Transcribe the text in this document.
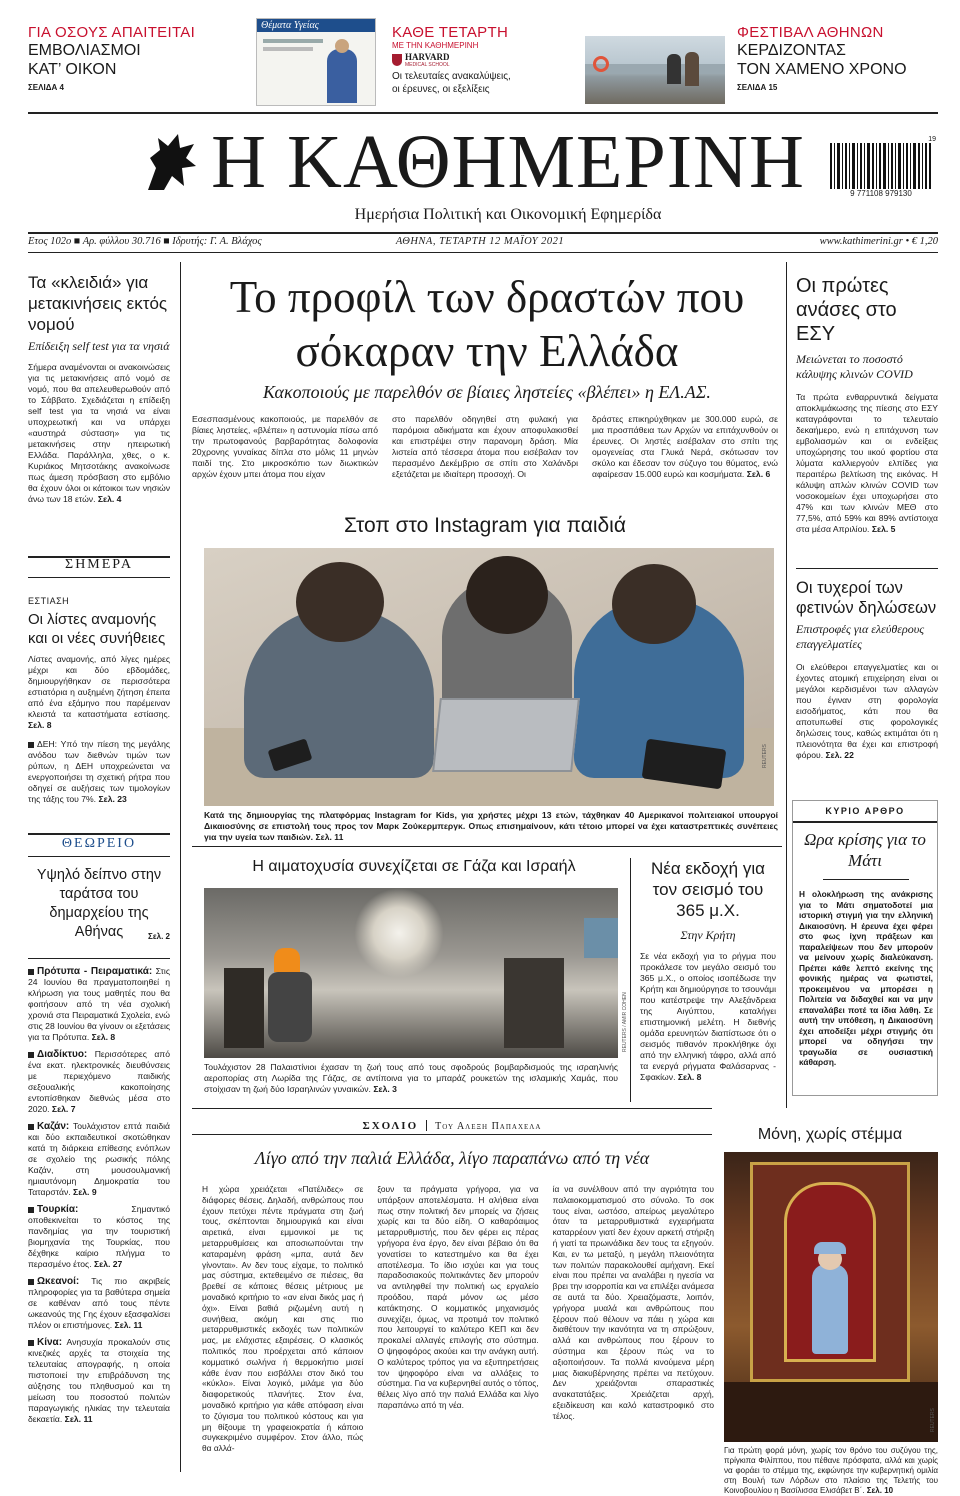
ΓΙΑ ΟΣΟΥΣ ΑΠΑΙΤΕΙΤΑΙ
ΕΜΒΟΛΙΑΣΜΟΙ
ΚΑΤ’ ΟΙΚΟΝ
ΣΕΛΙΔΑ 4
Θέματα Υγείας	ΚΑΘΕ ΤΕΤΑΡΤΗ
ΜΕ ΤΗΝ ΚΑΘΗΜΕΡΙΝΗ
HARVARD
MEDICAL SCHOOL
Οι τελευταίες ανακαλύψεις,
οι έρευνες, οι εξελίξεις
ΦΕΣΤΙΒΑΛ ΑΘΗΝΩΝ
ΚΕΡΔΙΖΟΝΤΑΣ
ΤΟΝ ΧΑΜΕΝΟ ΧΡΟΝΟ
ΣΕΛΙΔΑ 15
Η ΚΑΘΗΜΕΡΙΝΗ
Ημερήσια Πολιτική και Οικονομική Εφημερίδα
19
9 771108 979130
Eτος 102ο ■ Αρ. φύλλου 30.716 ■ Ιδρυτής: Γ. Α. Βλάχος	ΑΘΗΝΑ, ΤΕΤΑΡΤΗ 12 ΜΑΪΟΥ 2021	www.kathimerini.gr • € 1,20
Τα «κλειδιά» για μετακινήσεις εκτός νομού
Επίδειξη self test για τα νησιά
Σήμερα αναμένονται οι ανακοινώσεις για τις μετακινήσεις από νομό σε νομό, που θα απελευθερωθούν από το Σάββατο. Σχεδιάζεται η επίδειξη self test για τα νησιά να είναι υποχρεωτική και να υπάρχει «αυστηρά σύσταση» για τις μετακινήσεις στην ηπειρωτική Ελλάδα. Παράλληλα, χθες, ο κ. Κυριάκος Μητσοτάκης ανακοίνωσε πως άμεση πρόσβαση στο εμβόλιο θα έχουν όλοι οι κάτοικοι των νησιών άνω των 18 ετών. Σελ. 4
ΣΗΜΕΡΑ
ΕΣΤΙΑΣΗ
Οι λίστες αναμονής και οι νέες συνήθειες
Λίστες αναμονής, από λίγες ημέρες μέχρι και δύο εβδομάδες, δημιουργήθηκαν σε περισσότερα εστιατόρια η αυξημένη ζήτηση έπειτα από ένα εξάμηνο που παρέμειναν κλειστά τα καταστήματα εστίασης. Σελ. 8
ΔΕΗ: Υπό την πίεση της μεγάλης ανόδου των διεθνών τιμών των ρύπων, η ΔΕΗ υποχρεώνεται να ενεργοποιήσει τη σχετική ρήτρα που οδηγεί σε αυξήσεις των τιμολογίων της τάξης του 7%. Σελ. 23
ΘΕΩΡΕΙΟ
Υψηλό δείπνο στην ταράτσα του δημαρχείου της Αθήνας	Σελ. 2
Πρότυπα - Πειραματικά: Στις 24 Ιουνίου θα πραγματοποιηθεί η κλήρωση για τους μαθητές που θα φοιτήσουν από τη νέα σχολική χρονιά στα Πειραματικά Σχολεία, ενώ στις 28 Ιουνίου θα γίνουν οι εξετάσεις για τα Πρότυπα. Σελ. 8
Διαδίκτυο: Περισσότερες από ένα εκατ. ηλεκτρονικές διευθύνσεις με περιεχόμενο παιδικής σεξουαλικής κακοποίησης εντοπίσθηκαν διεθνώς μέσα στο 2020. Σελ. 7
Καζάν: Τουλάχιστον επτά παιδιά και δύο εκπαιδευτικοί σκοτώθηκαν κατά τη διάρκεια επίθεσης ενόπλων σε σχολείο της ρωσικής πόλης Καζάν, στη μουσουλμανική ημιαυτόνομη Δημοκρατία του Ταταρστάν. Σελ. 9
Τουρκία:	Σημαντικό οποθεκινείται το κόστος της πανδημίας για την τουριστική βιομηχανία της Τουρκίας, που δέχθηκε καίριο πλήγμα το περασμένο έτος. Σελ. 27
Ωκεανοί: Τις πιο ακριβείς πληροφορίες για τα βαθύτερα σημεία σε καθέναν από τους πέντε ωκεανούς της Γης έχουν εξασφαλίσει πλέον οι επιστήμονες. Σελ. 11
Κίνα: Ανησυχία προκαλούν στις κινεζικές αρχές τα στοιχεία της τελευταίας απογραφής, η οποία πιστοποιεί την επιβράδυνση της αύξησης του πληθυσμού και τη μείωση του ποσοστού πολιτών παραγωγικής ηλικίας την τελευταία δεκαετία. Σελ. 11
Το προφίλ των δραστών που σόκαραν την Ελλάδα
Κακοποιούς με παρελθόν σε βίαιες ληστείες «βλέπει» η ΕΛ.ΑΣ.
Εσεσπασμένους κακοποιούς, με παρελθόν σε βίαιες ληστείες, «βλέπει» η αστυνομία πίσω από την πρωτοφανούς βαρβαρότητας δολοφονία 20χρονης γυναίκας δίπλα στο μόλις 11 μηνών παιδί της. Στο μικροσκόπιο των διωκτικών αρχών έχουν μπει άτομα που είχαν
στο παρελθόν οδηγηθεί στη φυλακή για παρόμοια αδικήματα και έχουν αποφυλακισθεί και επιστρέψει στην παρανομη δράση. Μία λιστεία από τέσσερα άτομα που εισέβαλαν τον περασμένο Δεκέμβριο σε σπίτι στο Χαλάνδρι εξετάζεται με ιδιαίτερη προσοχή. Οι
δράστες επικηρύχθηκαν με 300.000 ευρώ, σε μια προσπάθεια των Αρχών να επιτάχυνθούν οι έρευνες. Οι ληστές εισέβαλαν στο σπίτι της ομογενείας στα Γλυκά Νερά, σκότωσαν τον σκύλο και έδεσαν τον σύζυγο του θύματος, ενώ αφαίρεσαν 15.000 ευρώ και κοσμήματα. Σελ. 6
Στοπ στο Instagram για παιδιά
REUTERS
Κατά της δημιουργίας της πλατφόρμας Instagram for Kids, για χρήστες μέχρι 13 ετών, τάχθηκαν 40 Αμερικανοί πολιτειακοί υπουργοί Δικαιοσύνης σε επιστολή τους προς τον Μαρκ Ζούκερμπεργκ. Οπως επισημαίνουν, κάτι τέτοιο μπορεί να έχει καταστρεπτικές συνέπειες για την υγεία των παιδιών. Σελ. 11
Η αιματοχυσία συνεχίζεται σε Γάζα και Ισραήλ
REUTERS / AMIR COHEN
Τουλάχιστον 28 Παλαιστίνιοι έχασαν τη ζωή τους από τους σφοδρούς βομβαρδισμούς της ισραηλινής αεροπορίας στη Λωρίδα της Γάζας, σε αντίποινα για το μπαράζ ρουκετών της ισλαμικής Χαμάς, που στοίχισαν τη ζωή δύο Ισραηλινών γυναικών. Σελ. 3
Νέα εκδοχή για τον σεισμό του 365 μ.Χ.
Στην Κρήτη
Σε νέα εκδοχή για το ρήγμα που προκάλεσε τον μεγάλο σεισμό του 365 μ.Χ., ο οποίος ισοπέδωσε την Κρήτη και δημιούργησε το τσουνάμι που κατέστρεψε την Αλεξάνδρεια της Αιγύπτου, καταλήγει επιστημονική μελέτη. Η διεθνής ομάδα ερευνητών διαπίστωσε ότι ο σεισμός πιθανόν προκλήθηκε όχι από την ελληνική τάφρο, αλλά από τα ενεργά ρήγματα Φαλάσαρνας - Σφακίων. Σελ. 8
Οι πρώτες ανάσες στο ΕΣΥ
Μειώνεται το ποσοστό κάλυψης κλινών COVID
Τα πρώτα ενθαρρυντικά δείγματα αποκλιμάκωσης της πίεσης στο ΕΣΥ καταγράφονται το τελευταίο δεκαήμερο, ενώ η επιτάχυνση των εμβολιασμών και οι ενδείξεις υποχώρησης του ιικού φορτίου στα λύματα καλλιεργούν ελπίδες για περαιτέρω βελτίωση της εικόνας. Η κάλυψη απλών κλινών COVID των νοσοκομείων έχει υποχωρήσει στο 47% και των κλινών ΜΕΘ στο 77,5%, από 59% και 89% αντίστοιχα στα μέσα Απριλίου. Σελ. 5
Οι τυχεροί των φετινών δηλώσεων
Επιστροφές για ελεύθερους επαγγελματίες
Οι ελεύθεροι επαγγελματίες και οι έχοντες ατομική επιχείρηση είναι οι μεγάλοι κερδισμένοι των αλλαγών που έγιναν στη φορολογία εισοδήματος, κάτι που θα αποτυπωθεί στις φορολογικές δηλώσεις τους, καθώς εκτιμάται ότι η πλειονότητα θα έχει και επιστροφή φόρου. Σελ. 22
ΚΥΡΙΟ ΑΡΘΡΟ
Ωρα κρίσης για το Μάτι
Η ολοκλήρωση της ανάκρισης για το Μάτι σηματοδοτεί μια ιστορική στιγμή για την ελληνική Δικαιοσύνη. Η έρευνα έχει φέρει στο φως ίχνη πράξεων και παραλείψεων που δεν μπορούν να μείνουν χωρίς διαλεύκανση. Πρέπει κάθε λεπτό εκείνης της φονικής ημέρας να φωτιστεί, προκειμένου να μπορέσει η Πολιτεία να διδαχθεί και να μην επαναλάβει ποτέ τα ίδια λάθη. Σε αυτή την υπόθεση, η Δικαιοσύνη έχει αποδείξει μέχρι στιγμής ότι μπορεί να οδηγήσει την τραγωδία σε ουσιαστική κάθαρση.
ΣΧΟΛΙΟ Του Αλεξη Παπαχελα
Λίγο από την παλιά Ελλάδα, λίγο παραπάνω από τη νέα
Η χώρα χρειάζεται «Πατέλιδες» σε διάφορες θέσεις. Δηλαδή, ανθρώπους που έχουν πετύχει πέντε πράγματα στη ζωή τους, σκέπτονται δημιουργικά και είναι αιρετικά, είναι εμμονικοί με τις μεταρρυθμίσεις και αποσιωπούνται την καταραμένη φράση «μπα, αυτά δεν γίνονται». Αν δεν τους είχαμε, το πολιτικό μας σύστημα, εκτεθειμένο σε πιέσεις, θα βρεθεί σε κάποιες θέσεις μέτριους με μοναδικό κριτήριο το «αν είναι δικός μας ή όχι». Είναι βαθιά ριζωμένη αυτή η συνήθεια, ακόμη και στις πιο μεταρρυθμιστικές εκδοχές των πολιτικών μας, με ελάχιστες εξαιρέσεις. Ο κλασικός πολιτικός που προέρχεται από κάποιον κομματικό σωλήνα ή θερμοκήπιο μισεί κάθε έναν που εισβάλλει στον δικό του «κύκλο». Είναι λογικό, μιλάμε για δύο διαφορετικούς πλανήτες. Στον ένα, μοναδικό κριτήριο για κάθε απόφαση είναι το ζύγισμα του πολιτικού κόστους και για μη θίξουμε τη γραφειοκρατία ή κάποιο συγκεκριμένο συμφέρον. Στον άλλο, πώς θα αλλά-
ξουν τα πράγματα γρήγορα, για να υπάρξουν αποτελέσματα. Η αλήθεια είναι πως στην πολιτική δεν μπορείς να ζήσεις χωρίς και τα δύο είδη. Ο καθαρόαιμος μεταρρυθμιστής, που δεν φέρει εις πέρας γρήγορα ένα έργο, δεν είναι βέβαιο ότι θα γονατίσει το κατεστημένο και θα έχει αποτέλεσμα. Το ίδιο ισχύει και για τους παραδοσιακούς πολιτικάντες δεν μπορούν να αντιληφθεί την πολιτική ως εργαλείο προόδου, παρά μόνον ως μέσο κατάκτησης. Ο κομματικός μηχανισμός συνεχίζει, όμως, να προτιμά τον πολιτικό που λειτουργεί το καλύτερο ΚΕΠ και δεν προκαλεί αλλαγές επιλογής στο σύστημα. Ο ψηφοφόρος ακούει και την ανάγκη αυτή. Ο καλύτερος τρόπος για να εξυπηρετήσεις τον ψηφοφόρο είναι να αλλάξεις το σύστημα. Για να κυβερνηθεί αυτός ο τόπος, θέλεις λίγο από την παλιά Ελλάδα και λίγο παραπάνω από τη νέα.
ία να συνέλθουν από την αγριότητα του παλαιοκομματισμού στο σύνολο. Το σοκ τους είναι, ωστόσο, απείρως μεγαλύτερο όταν τα μεταρρυθμιστικά εγχειρήματα καταρρέουν γιατί δεν έχουν αρκετή στήριξη ή γιατί τα πρωινάδικα δεν τους τα εξηγούν. Και, εν τω μεταξύ, η μεγάλη πλειονότητα των πολιτών παρακολουθεί αμήχανη. Εκεί είναι που πρέπει να αναλάβει η ηγεσία να βρει την ισορροπία και να επιλέξει ανάμεσα σε αυτά τα δύο. Χρειαζόμαστε, λοιπόν, γρήγορα μυαλά και ανθρώπους που ξέρουν πού θέλουν να πάει η χώρα και διαθέτουν την ικανότητα να τη σπρώξουν, αλλά και ανθρώπους που ξέρουν το σύστημα και ξέρουν πώς να το αξιοποιήσουν. Τα πολλά κινούμενα μέρη μιας διακυβέρνησης πρέπει να πετύχουν. Δεν χρειάζονται σπαραστικές ανακατατάξεις. Χρειάζεται αρχή, εξειδίκευση και καλό καταστροφικό στο τέλος.
Μόνη, χωρίς στέμμα
REUTERS
Για πρώτη φορά μόνη, χωρίς τον θρόνο του συζύγου της, πρίγκιπα Φιλίππου, που πέθανε πρόσφατα, αλλά και χωρίς να φοράει το στέμμα της, εκφώνησε την κυβερνητική ομιλία στη Βουλή των Λόρδων στο πλαίσιο της Τελετής του Κοινοβουλίου η Βασίλισσα Ελισάβετ Β΄. Σελ. 10
